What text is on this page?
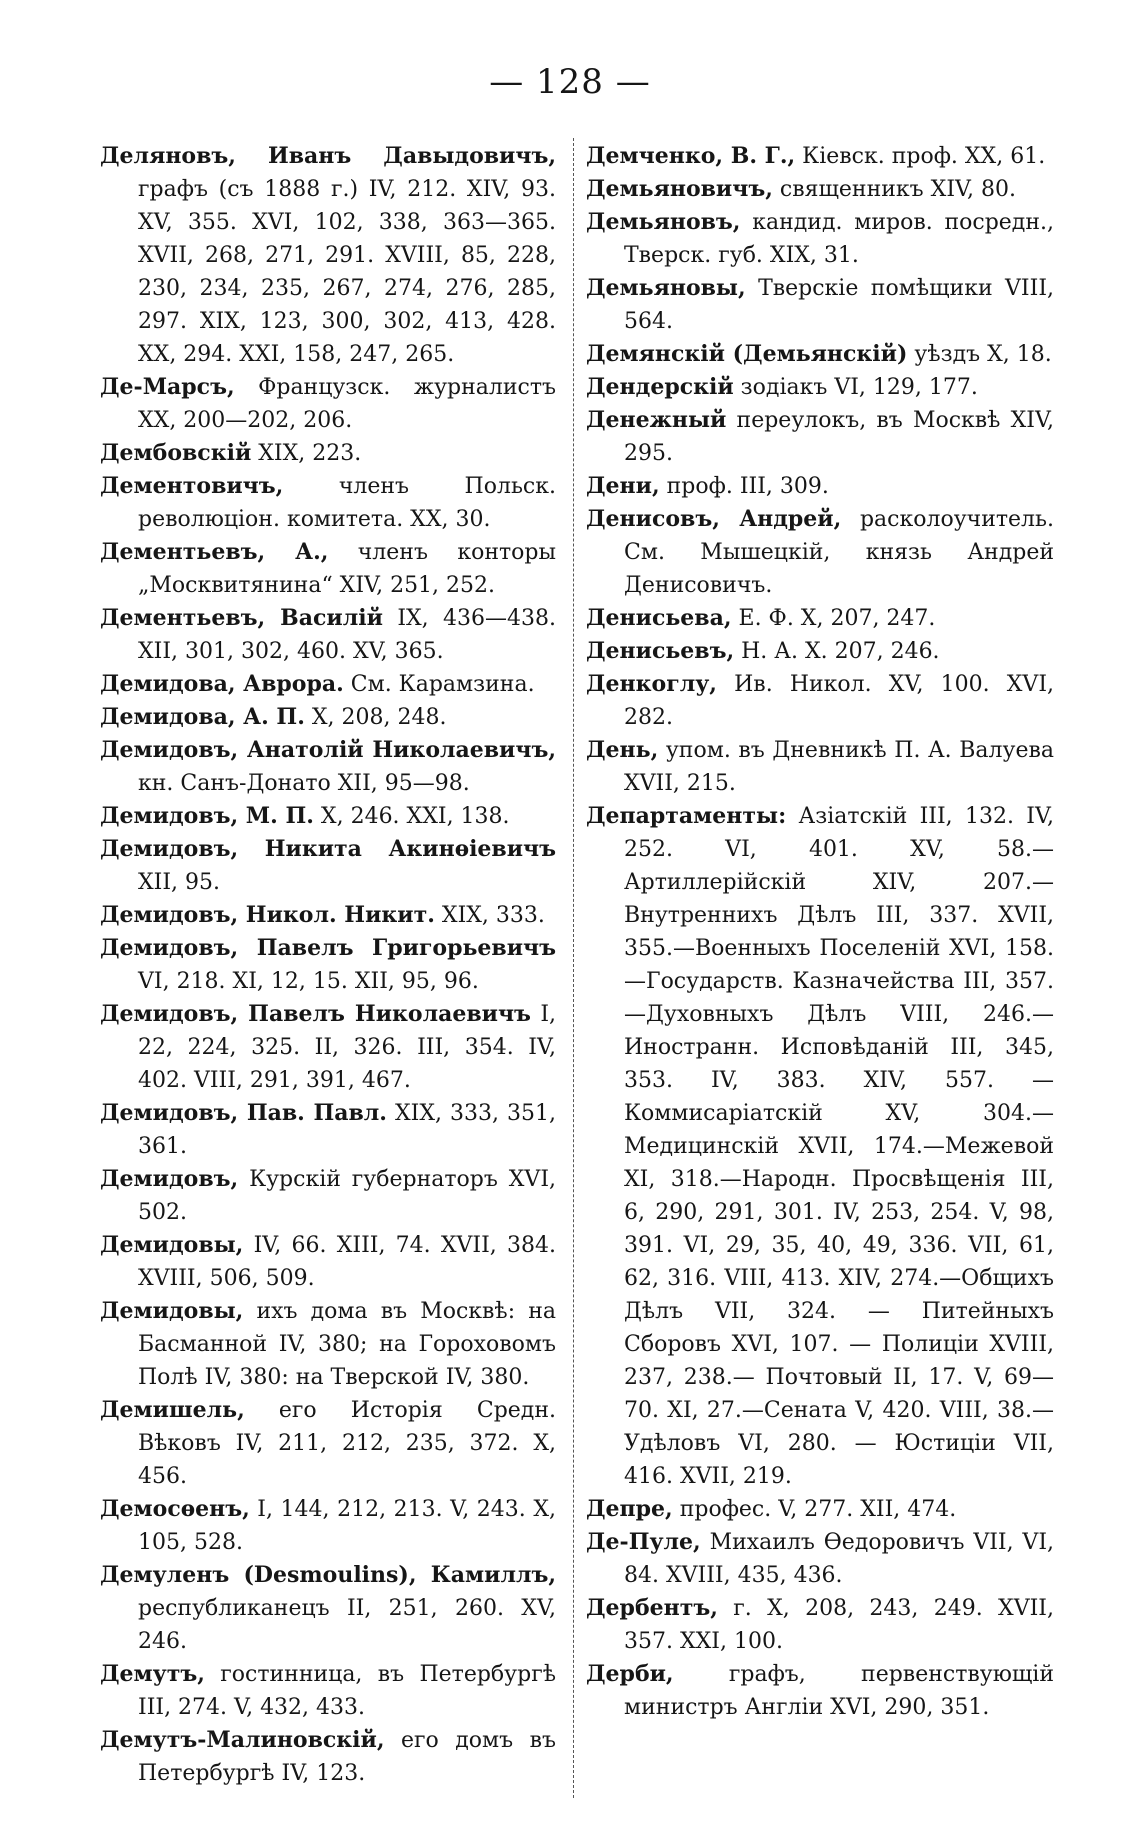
— 128 —

Деляновъ, Иванъ Давыдовичъ, графъ (съ 1888 г.) IV, 212. XIV, 93. XV, 355. XVI, 102, 338, 363—365. XVII, 268, 271, 291. XVIII, 85, 228, 230, 234, 235, 267, 274, 276, 285, 297. XIX, 123, 300, 302, 413, 428. XX, 294. XXI, 158, 247, 265.

Де-Марсъ, Французск. журналистъ XX, 200—202, 206.

Дембовскій XIX, 223.

Дементовичъ,	членъ Польск. революціон. комитета. XX, 30.

Дементьевъ, А., членъ конторы „Москвитянина“ XIV, 251, 252.

Дементьевъ, Василій IX, 436—438. XII, 301, 302, 460. XV, 365.

Демидова, Аврора. См. Карамзина.

Демидова, А. П. X, 208, 248.

Демидовъ, Анатолій Николаевичъ, кн. Санъ-Донато XII, 95—98.

Демидовъ, М. П. X, 246. XXI, 138.

Демидовъ, Никита Акинѳіевичъ XII, 95.

Демидовъ, Никол. Никит. XIX, 333.

Демидовъ, Павелъ Григорьевичъ VI, 218. XI, 12, 15. XII, 95, 96.

Демидовъ, Павелъ Николаевичъ I, 22, 224, 325. II, 326. III, 354. IV, 402. VIII, 291, 391, 467.

Демидовъ, Пав. Павл. XIX, 333, 351, 361.

Демидовъ, Курскій губернаторъ XVI, 502.

Демидовы, IV, 66. XIII, 74. XVII, 384. XVIII, 506, 509.

Демидовы, ихъ дома въ Москвѣ: на Басманной IV, 380; на Гороховомъ Полѣ IV, 380: на Тверской IV, 380.

Демишель, его Исторія Средн. Вѣковъ IV, 211, 212, 235, 372. X, 456.

Демосѳенъ, I, 144, 212, 213. V, 243. X, 105, 528.

Демуленъ (Desmoulins), Камиллъ, республиканецъ II, 251, 260. XV, 246.

Демутъ, гостинница, въ Петербургѣ III, 274. V, 432, 433.

Демутъ-Малиновскій, его домъ въ Петербургѣ IV, 123.

Демченко, В. Г., Кіевск. проф. XX, 61.

Демьяновичъ, священникъ XIV, 80.

Демьяновъ, кандид. миров. посредн., Тверск. губ. XIX, 31.

Демьяновы, Тверскіе помѣщики VIII, 564.

Демянскій (Демьянскій) уѣздъ X, 18.

Дендерскій зодіакъ VI, 129, 177.

Денежный переулокъ, въ Москвѣ XIV, 295.

Дени, проф. III, 309.

Денисовъ, Андрей, расколоучитель. См. Мышецкій, князь Андрей Денисовичъ.

Денисьева, Е. Ф. X, 207, 247.

Денисьевъ, Н. А. X. 207, 246.

Денкоглу, Ив. Никол. XV, 100. XVI, 282.

День, упом. въ Дневникѣ П. А. Валуева XVII, 215.

Департаменты: Азіатскій III, 132. IV, 252. VI, 401. XV, 58.—Артиллерійскій XIV, 207.—Внутреннихъ Дѣлъ III, 337. XVII, 355.—Военныхъ Поселеній XVI, 158.—Государств. Казначейства III, 357.—Духовныхъ Дѣлъ VIII, 246.—Иностранн. Исповѣданій III, 345, 353. IV, 383. XIV, 557. — Коммисаріатскій XV, 304.—Медицинскій XVII, 174.—Межевой XI, 318.—Народн. Просвѣщенія III, 6, 290, 291, 301. IV, 253, 254. V, 98, 391. VI, 29, 35, 40, 49, 336. VII, 61, 62, 316. VIII, 413. XIV, 274.—Общихъ Дѣлъ VII, 324. — Питейныхъ Сборовъ XVI, 107. — Полиціи XVIII, 237, 238.— Почтовый II, 17. V, 69—70. XI, 27.—Сената V, 420. VIII, 38.—Удѣловъ VI, 280. — Юстиціи VII, 416. XVII, 219.

Депре, профес. V, 277. XII, 474.

Де-Пуле, Михаилъ Ѳедоровичъ VII, VI, 84. XVIII, 435, 436.

Дербентъ, г. X, 208, 243, 249. XVII, 357. XXI, 100.

Дерби,	графъ, первенствующій министръ Англіи XVI, 290, 351.
